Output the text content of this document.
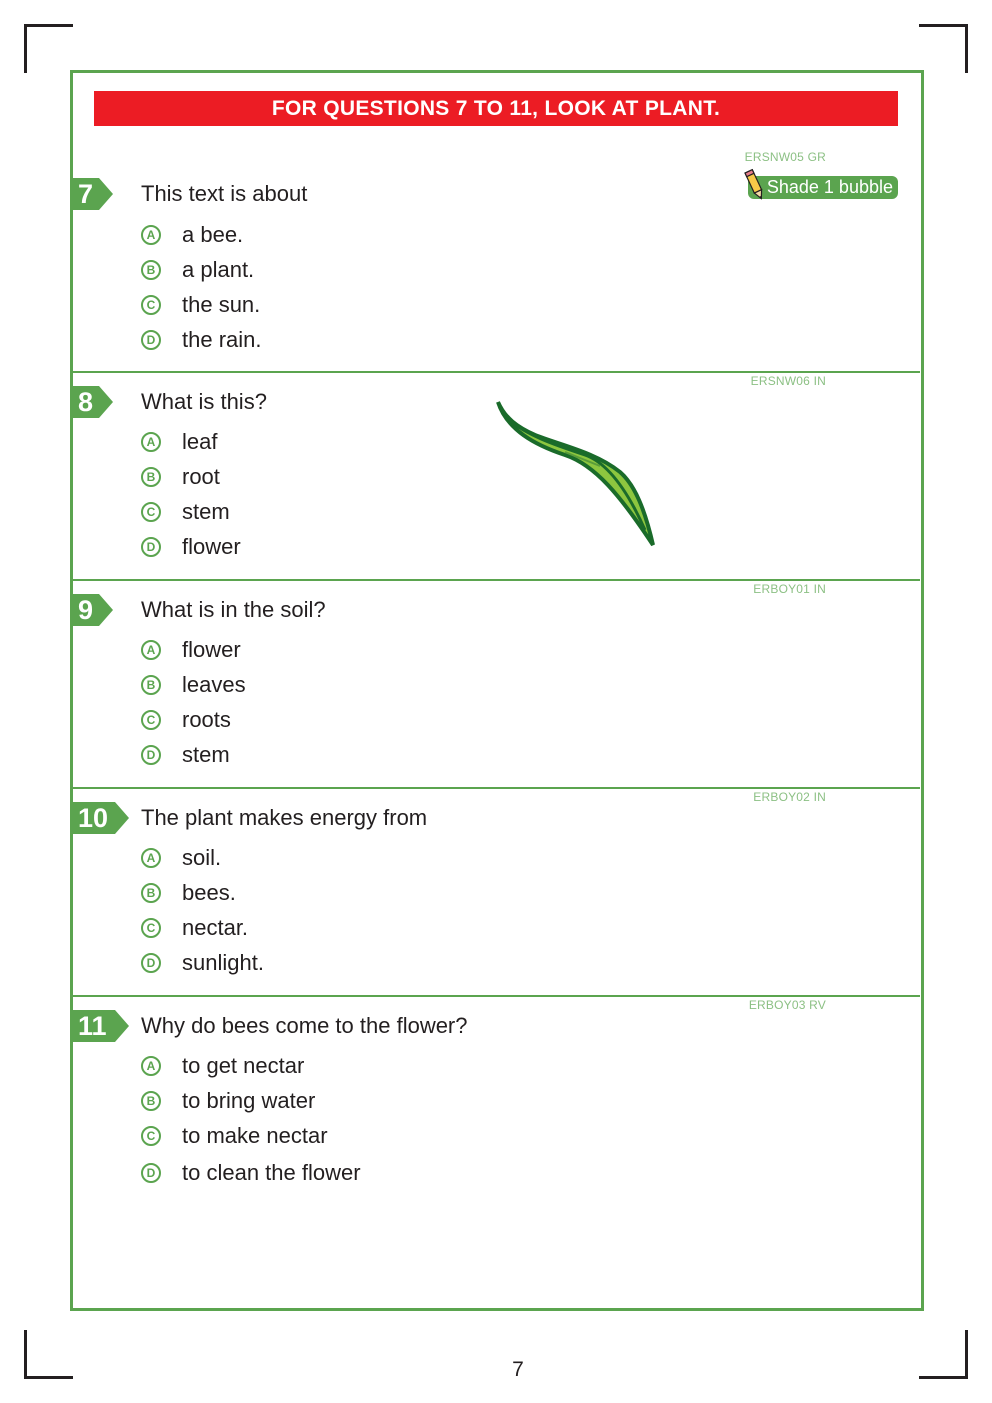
FOR QUESTIONS 7 TO 11, LOOK AT PLANT.
Shade 1 bubble
ERSNW05 GR
7 This text is about
A a bee.
B a plant.
C the sun.
D the rain.
ERSNW06 IN
8 What is this?
A leaf
B root
C stem
D flower
ERBOY01 IN
9 What is in the soil?
A flower
B leaves
C roots
D stem
ERBOY02 IN
10	The plant makes energy from
A soil.
B bees.
C nectar.
D sunlight.
ERBOY03 RV
11	Why do bees come to the flower?
A to get nectar
B to bring water
C to make nectar
D to clean the flower
7
